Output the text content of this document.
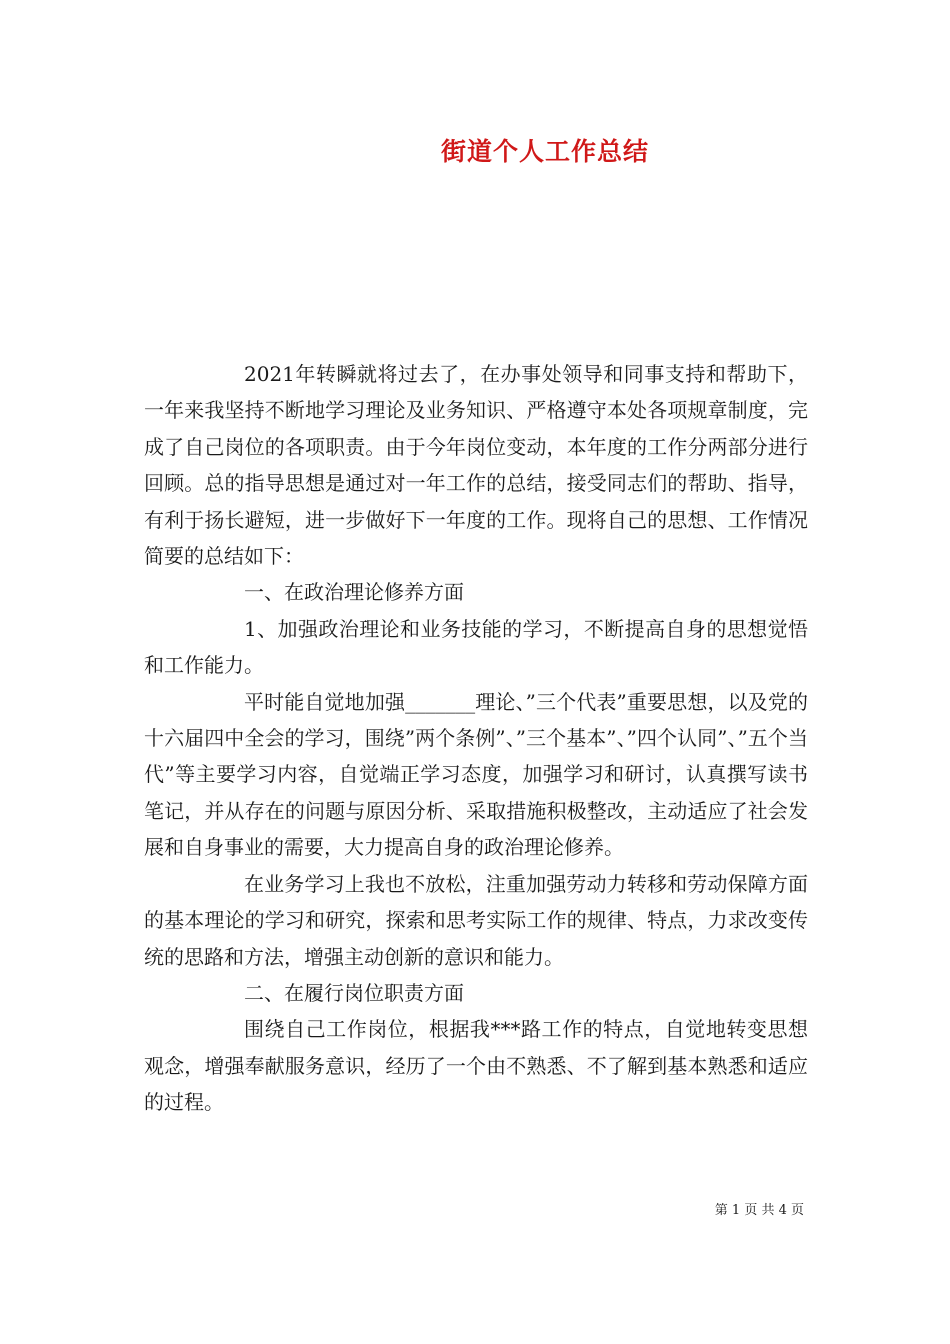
街道个人工作总结

2021年转瞬就将过去了，在办事处领导和同事支持和帮助下，一年来我坚持不断地学习理论及业务知识、严格遵守本处各项规章制度，完成了自己岗位的各项职责。由于今年岗位变动，本年度的工作分两部分进行回顾。总的指导思想是通过对一年工作的总结，接受同志们的帮助、指导，有利于扬长避短，进一步做好下一年度的工作。现将自己的思想、工作情况简要的总结如下：

一、在政治理论修养方面

1、加强政治理论和业务技能的学习，不断提高自身的思想觉悟和工作能力。

平时能自觉地加强_______理论、”三个代表”重要思想，以及党的十六届四中全会的学习，围绕”两个条例”、”三个基本”、”四个认同”、”五个当代”等主要学习内容，自觉端正学习态度，加强学习和研讨，认真撰写读书笔记，并从存在的问题与原因分析、采取措施积极整改，主动适应了社会发展和自身事业的需要，大力提高自身的政治理论修养。

在业务学习上我也不放松，注重加强劳动力转移和劳动保障方面的基本理论的学习和研究，探索和思考实际工作的规律、特点，力求改变传统的思路和方法，增强主动创新的意识和能力。

二、在履行岗位职责方面

围绕自己工作岗位，根据我***路工作的特点，自觉地转变思想观念，增强奉献服务意识，经历了一个由不熟悉、不了解到基本熟悉和适应的过程。

第 1 页 共 4 页
